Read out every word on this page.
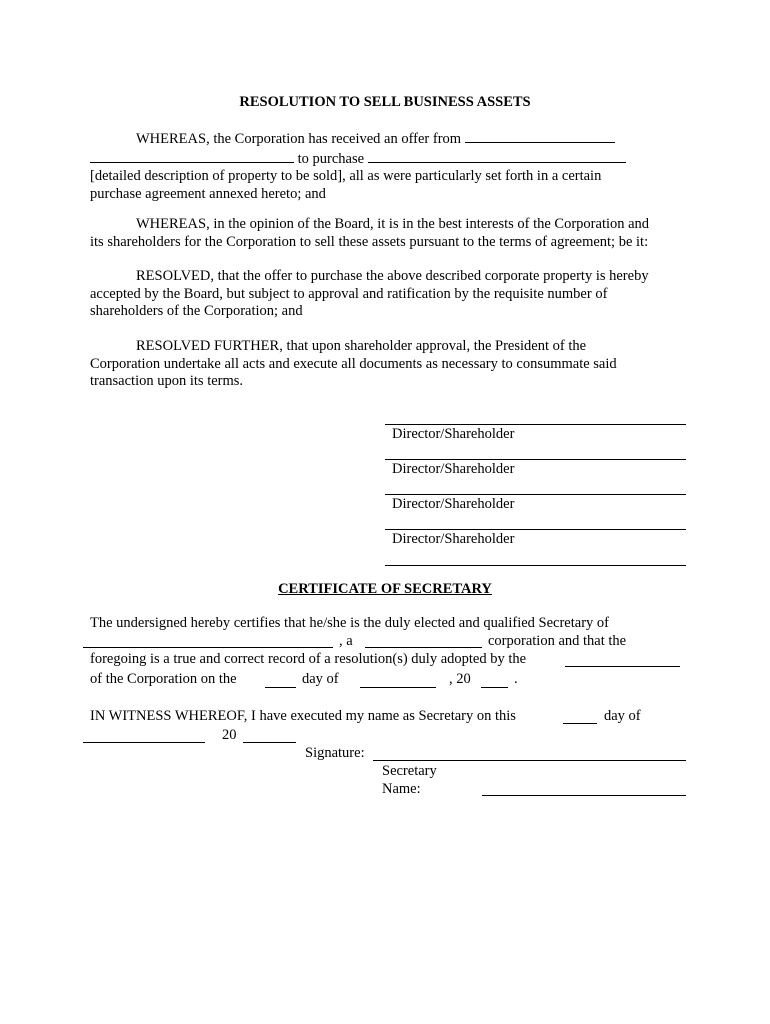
RESOLUTION TO SELL BUSINESS ASSETS
WHEREAS, the Corporation has received an offer from
to purchase
[detailed description of property to be sold], all as were particularly set forth in a certain
purchase agreement annexed hereto; and
WHEREAS, in the opinion of the Board, it is in the best interests of the Corporation and
its shareholders for the Corporation to sell these assets pursuant to the terms of agreement; be it:
RESOLVED, that the offer to purchase the above described corporate property is hereby
accepted by the Board, but subject to approval and ratification by the requisite number of
shareholders of the Corporation; and
RESOLVED FURTHER, that upon shareholder approval, the President of the
Corporation undertake all acts and execute all documents as necessary to consummate said
transaction upon its terms.
Director/Shareholder
Director/Shareholder
Director/Shareholder
Director/Shareholder
CERTIFICATE OF SECRETARY
The undersigned hereby certifies that he/she is the duly elected and qualified Secretary of
, a	corporation and that the
foregoing is a true and correct record of a resolution(s) duly adopted by the
of the Corporation on the	day of	, 20	.
IN WITNESS WHEREOF, I have executed my name as Secretary on this	day of
20
Signature:
Secretary
Name:
